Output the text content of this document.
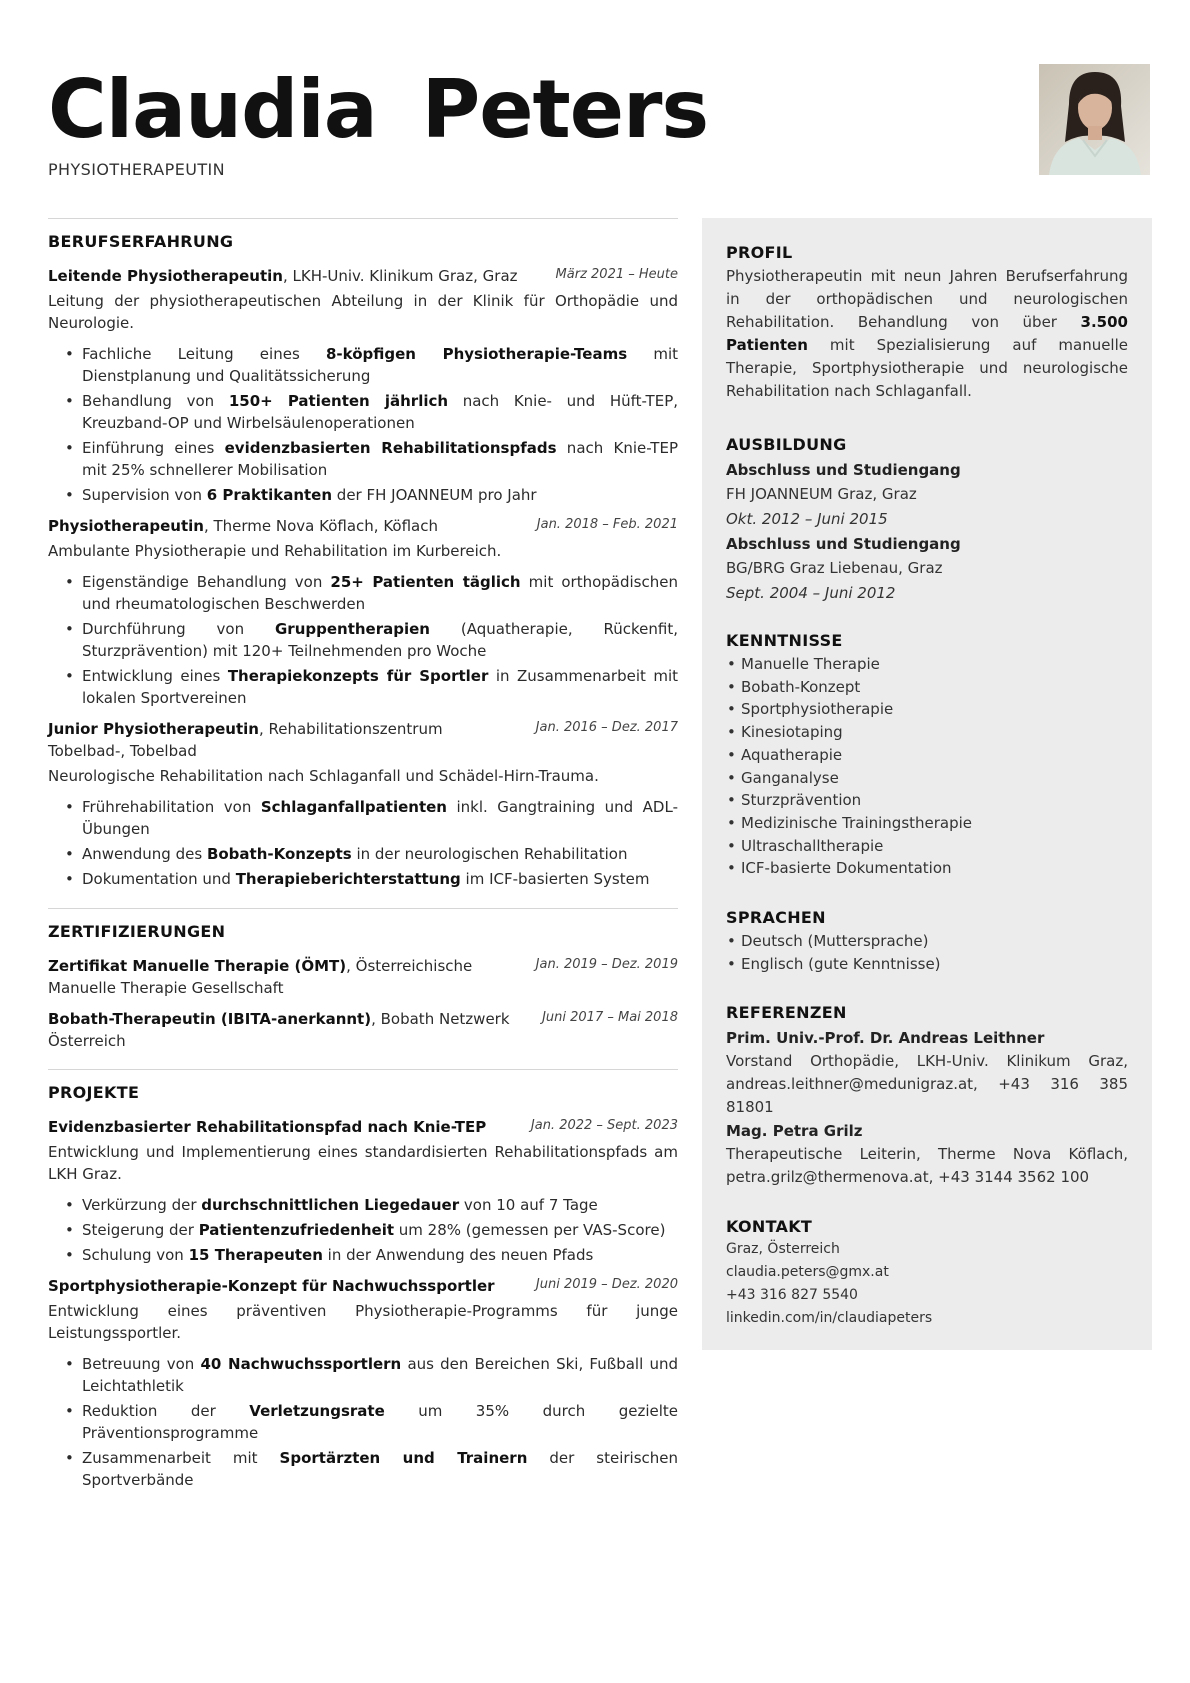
Claudia Peters
PHYSIOTHERAPEUTIN
BERUFSERFAHRUNG
Leitende Physiotherapeutin, LKH-Univ. Klinikum Graz, Graz	März 2021 – Heute
Leitung der physiotherapeutischen Abteilung in der Klinik für Orthopädie und Neurologie.
• Fachliche Leitung eines 8-köpfigen Physiotherapie-Teams mit Dienstplanung und Qualitätssicherung
• Behandlung von 150+ Patienten jährlich nach Knie- und Hüft-TEP, Kreuzband-OP und Wirbelsäulenoperationen
• Einführung eines evidenzbasierten Rehabilitationspfads nach Knie-TEP mit 25% schnellerer Mobilisation
• Supervision von 6 Praktikanten der FH JOANNEUM pro Jahr
Physiotherapeutin, Therme Nova Köflach, Köflach	Jan. 2018 – Feb. 2021
Ambulante Physiotherapie und Rehabilitation im Kurbereich.
• Eigenständige Behandlung von 25+ Patienten täglich mit orthopädischen und rheumatologischen Beschwerden
• Durchführung von Gruppentherapien (Aquatherapie, Rückenfit, Sturzprävention) mit 120+ Teilnehmenden pro Woche
• Entwicklung eines Therapiekonzepts für Sportler in Zusammenarbeit mit lokalen Sportvereinen
Junior Physiotherapeutin, Rehabilitationszentrum Tobelbad-, Tobelbad
Jan. 2016 – Dez. 2017
Neurologische Rehabilitation nach Schlaganfall und Schädel-Hirn-Trauma.
• Frührehabilitation von Schlaganfallpatienten inkl. Gangtraining und ADL-Übungen
• Anwendung des Bobath-Konzepts in der neurologischen Rehabilitation
• Dokumentation und Therapieberichterstattung im ICF-basierten System
ZERTIFIZIERUNGEN
Zertifikat Manuelle Therapie (ÖMT), Österreichische Manuelle Therapie Gesellschaft
Jan. 2019 – Dez. 2019
Bobath-Therapeutin (IBITA-anerkannt), Bobath Netzwerk Österreich
Juni 2017 – Mai 2018
PROJEKTE
Evidenzbasierter Rehabilitationspfad nach Knie-TEP	Jan. 2022 – Sept. 2023
Entwicklung und Implementierung eines standardisierten Rehabilitationspfads am LKH Graz.
• Verkürzung der durchschnittlichen Liegedauer von 10 auf 7 Tage
• Steigerung der Patientenzufriedenheit um 28% (gemessen per VAS-Score)
• Schulung von 15 Therapeuten in der Anwendung des neuen Pfads
Sportphysiotherapie-Konzept für Nachwuchssportler	Juni 2019 – Dez. 2020
Entwicklung eines präventiven Physiotherapie-Programms für junge Leistungssportler.
• Betreuung von 40 Nachwuchssportlern aus den Bereichen Ski, Fußball und Leichtathletik
• Reduktion der Verletzungsrate um 35% durch gezielte Präventionsprogramme
• Zusammenarbeit mit Sportärzten und Trainern der steirischen Sportverbände
PROFIL
Physiotherapeutin mit neun Jahren Berufserfahrung in der orthopädischen und neurologischen Rehabilitation. Behandlung von über 3.500 Patienten mit Spezialisierung auf manuelle Therapie, Sportphysiotherapie und neurologische Rehabilitation nach Schlaganfall.
AUSBILDUNG
Abschluss und Studiengang
FH JOANNEUM Graz, Graz
Okt. 2012 – Juni 2015
Abschluss und Studiengang
BG/BRG Graz Liebenau, Graz
Sept. 2004 – Juni 2012
KENNTNISSE
• Manuelle Therapie
• Bobath-Konzept
• Sportphysiotherapie
• Kinesiotaping
• Aquatherapie
• Ganganalyse
• Sturzprävention
• Medizinische Trainingstherapie
• Ultraschalltherapie
• ICF-basierte Dokumentation
SPRACHEN
• Deutsch (Muttersprache)
• Englisch (gute Kenntnisse)
REFERENZEN
Prim. Univ.-Prof. Dr. Andreas Leithner
Vorstand Orthopädie, LKH-Univ. Klinikum Graz, andreas.leithner@medunigraz.at, +43 316 385 81801
Mag. Petra Grilz
Therapeutische Leiterin, Therme Nova Köflach, petra.grilz@thermenova.at, +43 3144 3562 100
KONTAKT
Graz, Österreich
claudia.peters@gmx.at
+43 316 827 5540
linkedin.com/in/claudiapeters
